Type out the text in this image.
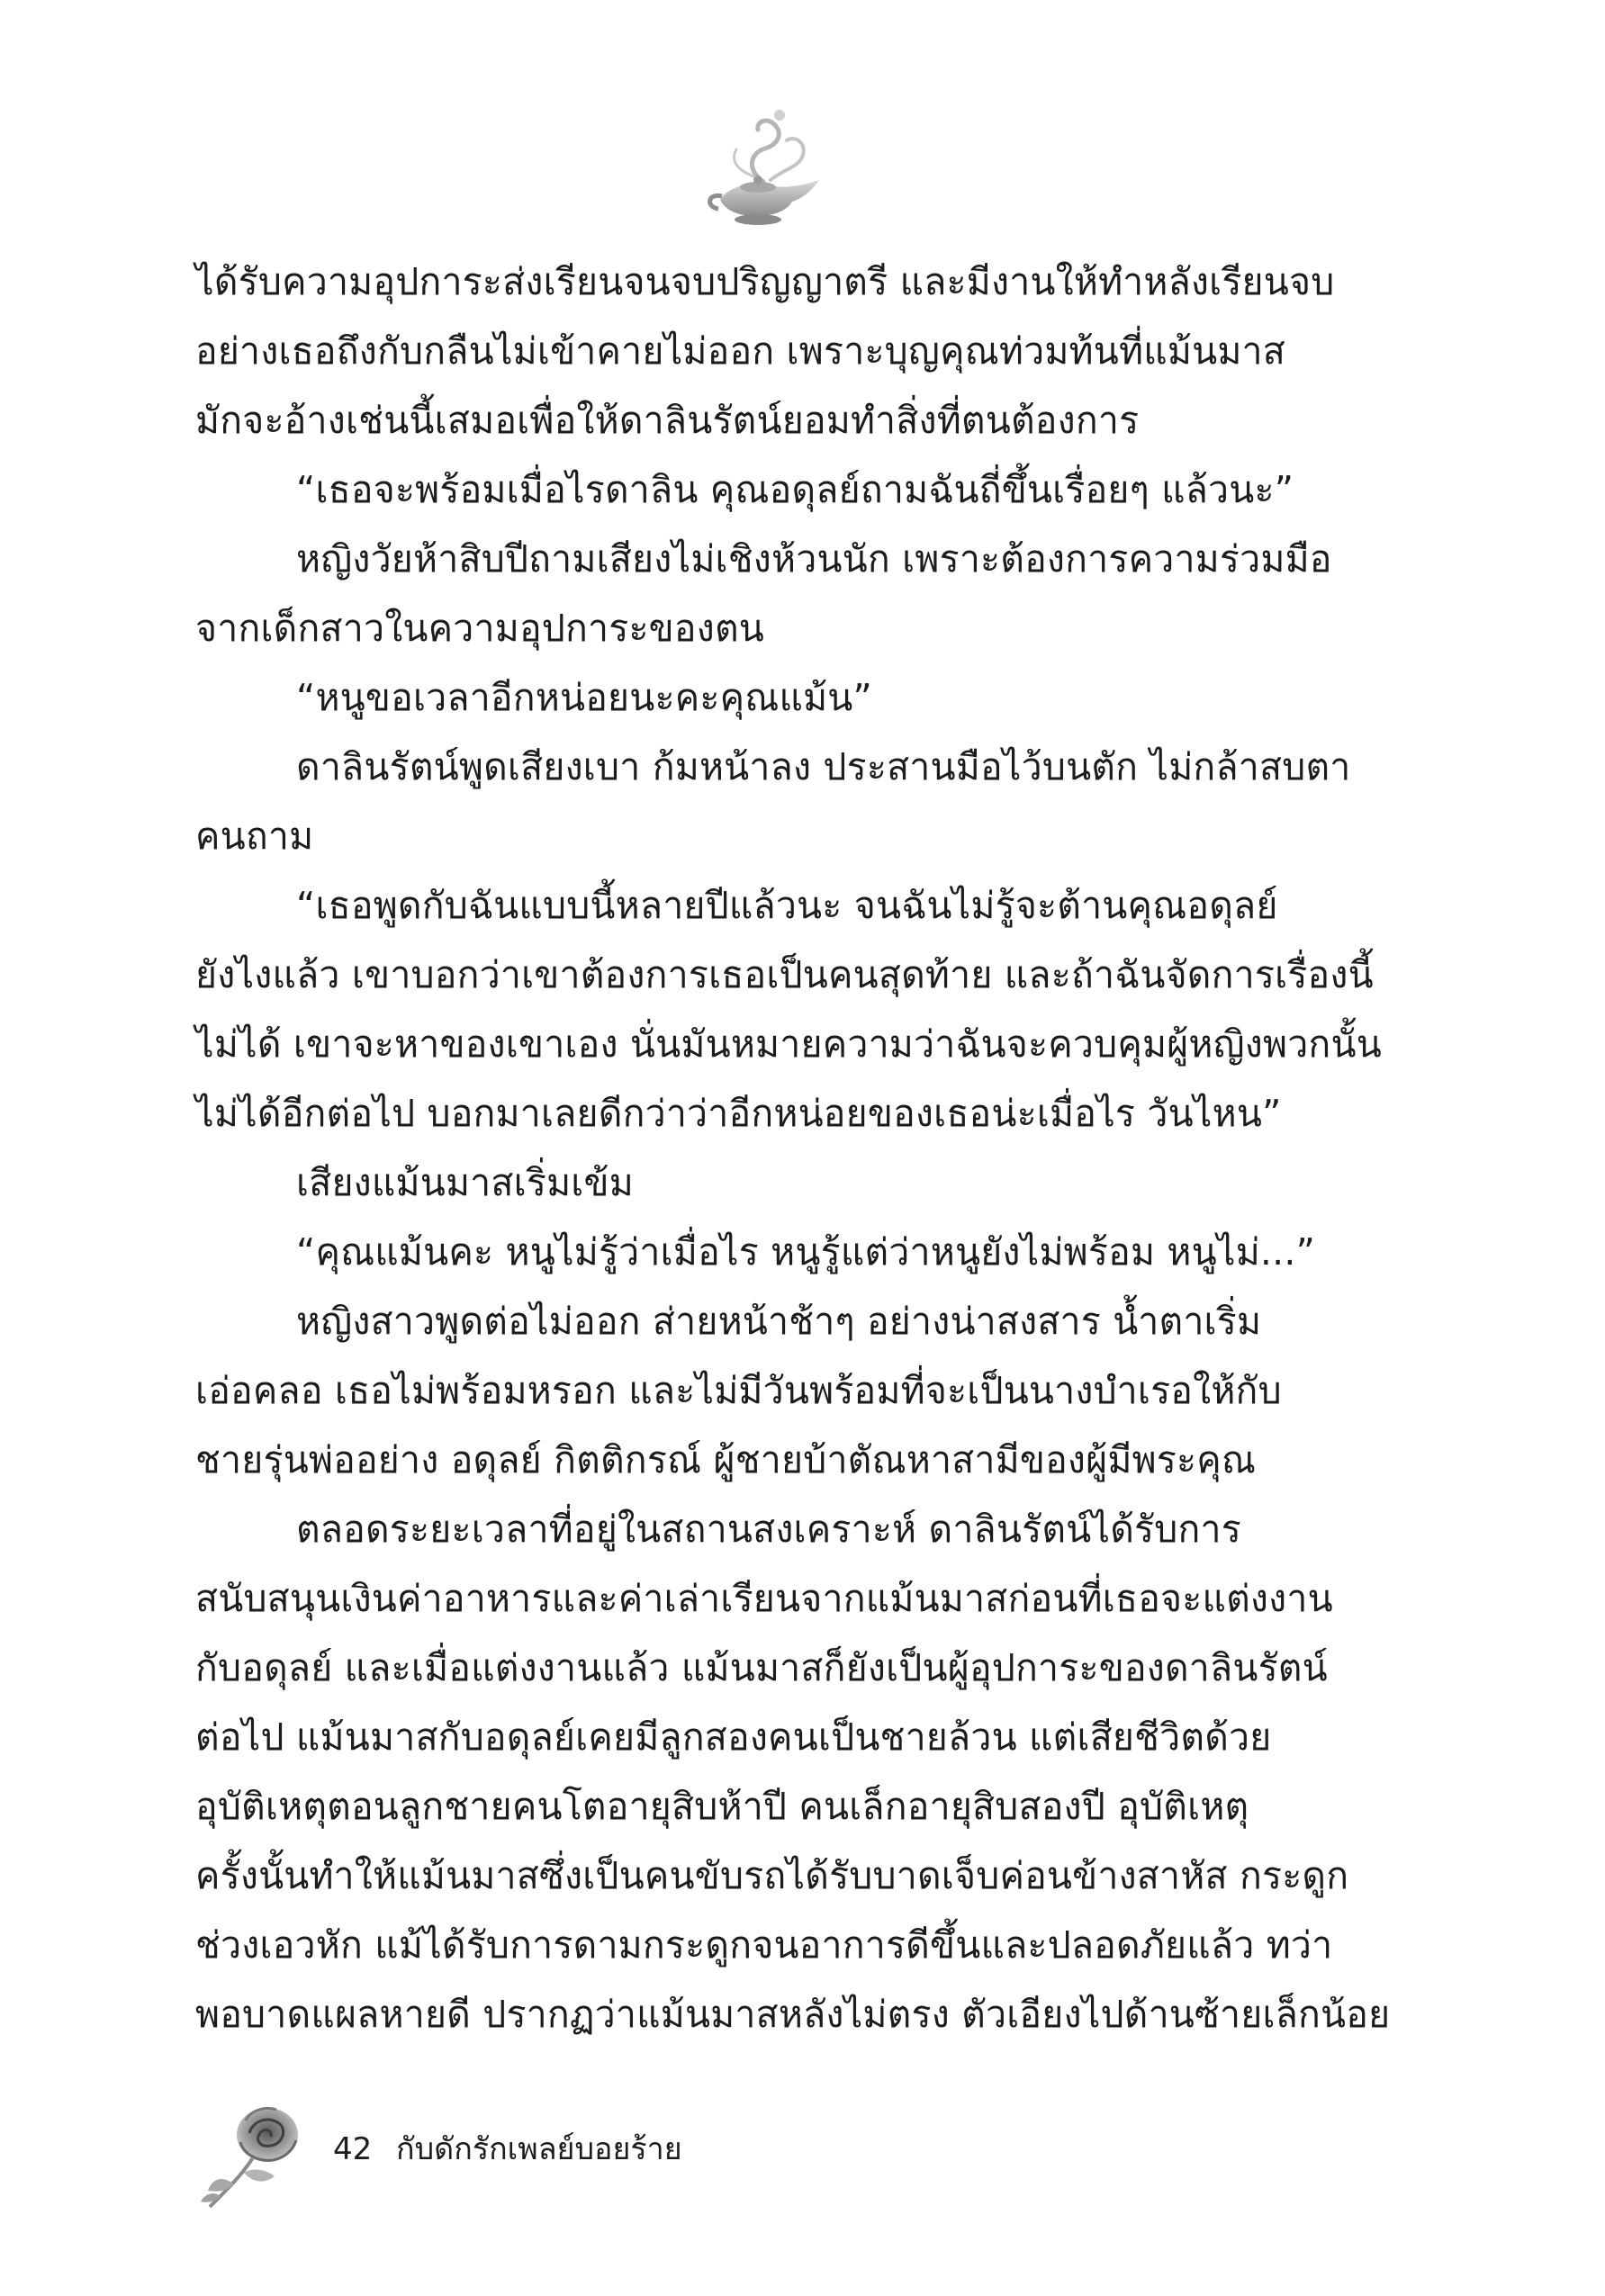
ได้รับความอุปการะส่งเรียนจนจบปริญญาตรี และมีงานให้ทำหลังเรียนจบ
อย่างเธอถึงกับกลืนไม่เข้าคายไม่ออก เพราะบุญคุณท่วมท้นที่แม้นมาส
มักจะอ้างเช่นนี้เสมอเพื่อให้ดาลินรัตน์ยอมทำสิ่งที่ตนต้องการ
“เธอจะพร้อมเมื่อไรดาลิน คุณอดุลย์ถามฉันถี่ขึ้นเรื่อยๆ แล้วนะ”
หญิงวัยห้าสิบปีถามเสียงไม่เชิงห้วนนัก เพราะต้องการความร่วมมือ
จากเด็กสาวในความอุปการะของตน
“หนูขอเวลาอีกหน่อยนะคะคุณแม้น”
ดาลินรัตน์พูดเสียงเบา ก้มหน้าลง ประสานมือไว้บนตัก ไม่กล้าสบตา
คนถาม
“เธอพูดกับฉันแบบนี้หลายปีแล้วนะ จนฉันไม่รู้จะต้านคุณอดุลย์
ยังไงแล้ว เขาบอกว่าเขาต้องการเธอเป็นคนสุดท้าย และถ้าฉันจัดการเรื่องนี้
ไม่ได้ เขาจะหาของเขาเอง นั่นมันหมายความว่าฉันจะควบคุมผู้หญิงพวกนั้น
ไม่ได้อีกต่อไป บอกมาเลยดีกว่าว่าอีกหน่อยของเธอน่ะเมื่อไร วันไหน”
เสียงแม้นมาสเริ่มเข้ม
“คุณแม้นคะ หนูไม่รู้ว่าเมื่อไร หนูรู้แต่ว่าหนูยังไม่พร้อม หนูไม่...”
หญิงสาวพูดต่อไม่ออก ส่ายหน้าช้าๆ อย่างน่าสงสาร น้ำตาเริ่ม
เอ่อคลอ เธอไม่พร้อมหรอก และไม่มีวันพร้อมที่จะเป็นนางบำเรอให้กับ
ชายรุ่นพ่ออย่าง อดุลย์ กิตติกรณ์ ผู้ชายบ้าตัณหาสามีของผู้มีพระคุณ
ตลอดระยะเวลาที่อยู่ในสถานสงเคราะห์ ดาลินรัตน์ได้รับการ
สนับสนุนเงินค่าอาหารและค่าเล่าเรียนจากแม้นมาสก่อนที่เธอจะแต่งงาน
กับอดุลย์ และเมื่อแต่งงานแล้ว แม้นมาสก็ยังเป็นผู้อุปการะของดาลินรัตน์
ต่อไป แม้นมาสกับอดุลย์เคยมีลูกสองคนเป็นชายล้วน แต่เสียชีวิตด้วย
อุบัติเหตุตอนลูกชายคนโตอายุสิบห้าปี คนเล็กอายุสิบสองปี อุบัติเหตุ
ครั้งนั้นทำให้แม้นมาสซึ่งเป็นคนขับรถได้รับบาดเจ็บค่อนข้างสาหัส กระดูก
ช่วงเอวหัก แม้ได้รับการดามกระดูกจนอาการดีขึ้นและปลอดภัยแล้ว ทว่า
พอบาดแผลหายดี ปรากฏว่าแม้นมาสหลังไม่ตรง ตัวเอียงไปด้านซ้ายเล็กน้อย
42 กับดักรักเพลย์บอยร้าย
